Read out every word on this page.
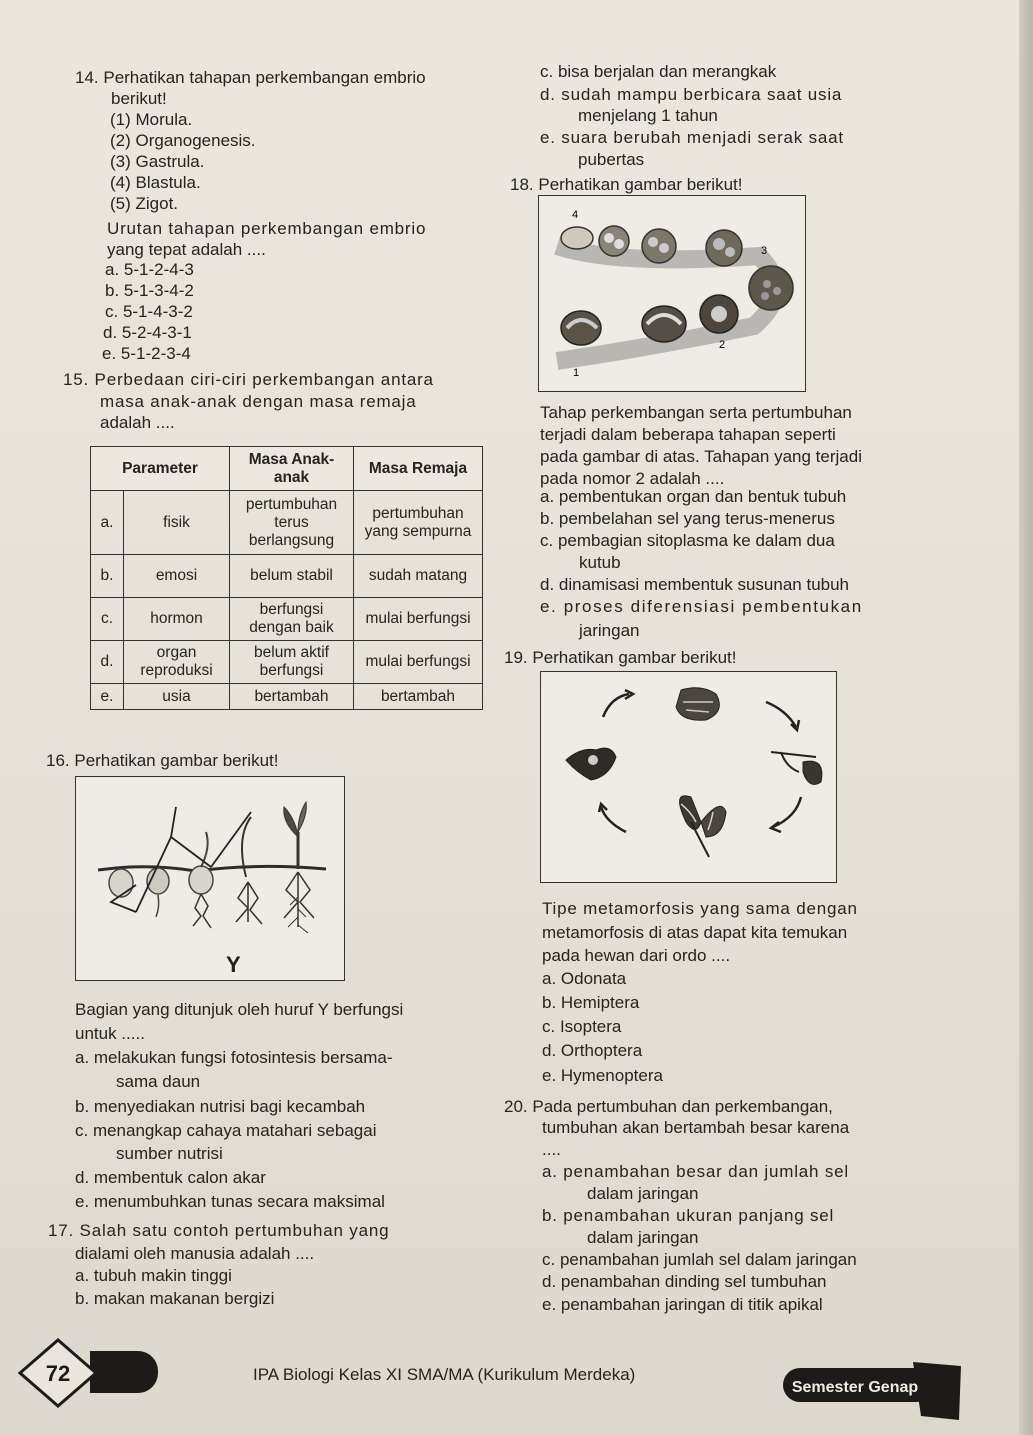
14. Perhatikan tahapan perkembangan embrio
berikut!
(1) Morula.
(2) Organogenesis.
(3) Gastrula.
(4) Blastula.
(5) Zigot.
Urutan tahapan perkembangan embrio
yang tepat adalah ....
a. 5-1-2-4-3
b. 5-1-3-4-2
c. 5-1-4-3-2
d. 5-2-4-3-1
e. 5-1-2-3-4
15. Perbedaan ciri-ciri perkembangan antara
masa anak-anak dengan masa remaja
adalah ....
Parameter		Masa Anak-anak	Masa Remaja
a.	fisik	pertumbuhan terus berlangsung	pertumbuhan yang sempurna
b.	emosi	belum stabil	sudah matang
c.	hormon	berfungsi dengan baik	mulai berfungsi
d.	organ reproduksi	belum aktif berfungsi	mulai berfungsi
e.	usia	bertambah	bertambah
16. Perhatikan gambar berikut!
Y
Bagian yang ditunjuk oleh huruf Y berfungsi
untuk .....
a. melakukan fungsi fotosintesis bersama-
sama daun
b. menyediakan nutrisi bagi kecambah
c. menangkap cahaya matahari sebagai
sumber nutrisi
d. membentuk calon akar
e. menumbuhkan tunas secara maksimal
17. Salah satu contoh pertumbuhan yang
dialami oleh manusia adalah ....
a. tubuh makin tinggi
b. makan makanan bergizi
c. bisa berjalan dan merangkak
d. sudah mampu berbicara saat usia
menjelang 1 tahun
e. suara berubah menjadi serak saat
pubertas
18. Perhatikan gambar berikut!
4
3
2
1
Tahap perkembangan serta pertumbuhan
terjadi dalam beberapa tahapan seperti
pada gambar di atas. Tahapan yang terjadi
pada nomor 2 adalah ....
a. pembentukan organ dan bentuk tubuh
b. pembelahan sel yang terus-menerus
c. pembagian sitoplasma ke dalam dua
kutub
d. dinamisasi membentuk susunan tubuh
e. proses diferensiasi pembentukan
jaringan
19. Perhatikan gambar berikut!
Tipe metamorfosis yang sama dengan
metamorfosis di atas dapat kita temukan
pada hewan dari ordo ....
a. Odonata
b. Hemiptera
c. Isoptera
d. Orthoptera
e. Hymenoptera
20. Pada pertumbuhan dan perkembangan,
tumbuhan akan bertambah besar karena
....
a. penambahan besar dan jumlah sel
dalam jaringan
b. penambahan ukuran panjang sel
dalam jaringan
c. penambahan jumlah sel dalam jaringan
d. penambahan dinding sel tumbuhan
e. penambahan jaringan di titik apikal
72	IPA Biologi Kelas XI SMA/MA (Kurikulum Merdeka)
Semester Genap
